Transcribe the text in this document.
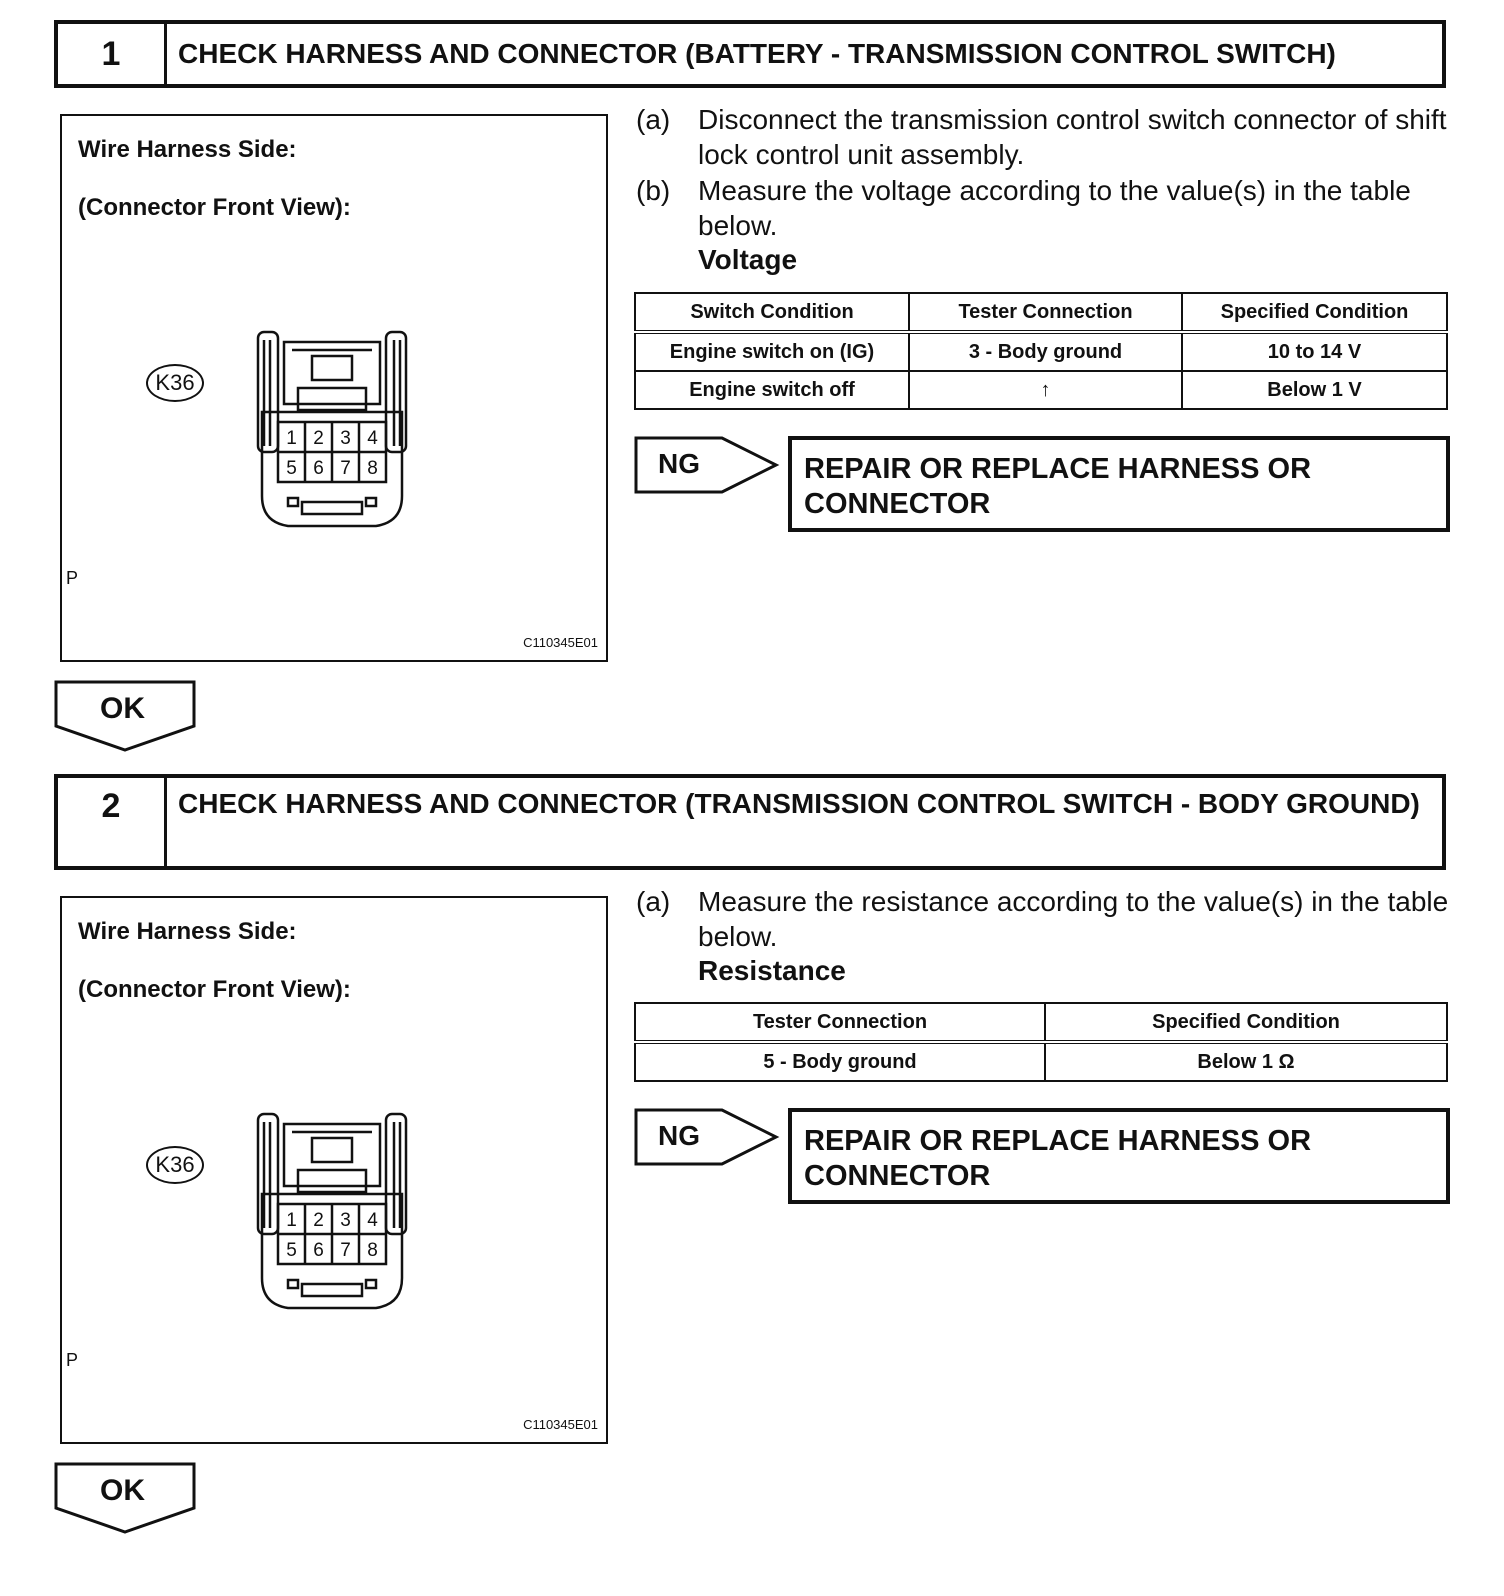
1	CHECK HARNESS AND CONNECTOR (BATTERY - TRANSMISSION CONTROL SWITCH)
Wire Harness Side:
(Connector Front View):
K36
1 2 3 4
5 6 7 8
P
C110345E01
(a) Disconnect the transmission control switch connector of shift lock control unit assembly.
(b) Measure the voltage according to the value(s) in the table below.
Voltage
Switch Condition	Tester Connection	Specified Condition
Engine switch on (IG)	3 - Body ground	10 to 14 V
Engine switch off	↑	Below 1 V
NG	REPAIR OR REPLACE HARNESS OR CONNECTOR
OK
2	CHECK HARNESS AND CONNECTOR (TRANSMISSION CONTROL SWITCH - BODY GROUND)
Wire Harness Side:
(Connector Front View):
K36
1 2 3 4
5 6 7 8
P
C110345E01
(a) Measure the resistance according to the value(s) in the table below.
Resistance
Tester Connection	Specified Condition
5 - Body ground	Below 1 Ω
NG	REPAIR OR REPLACE HARNESS OR CONNECTOR
OK
